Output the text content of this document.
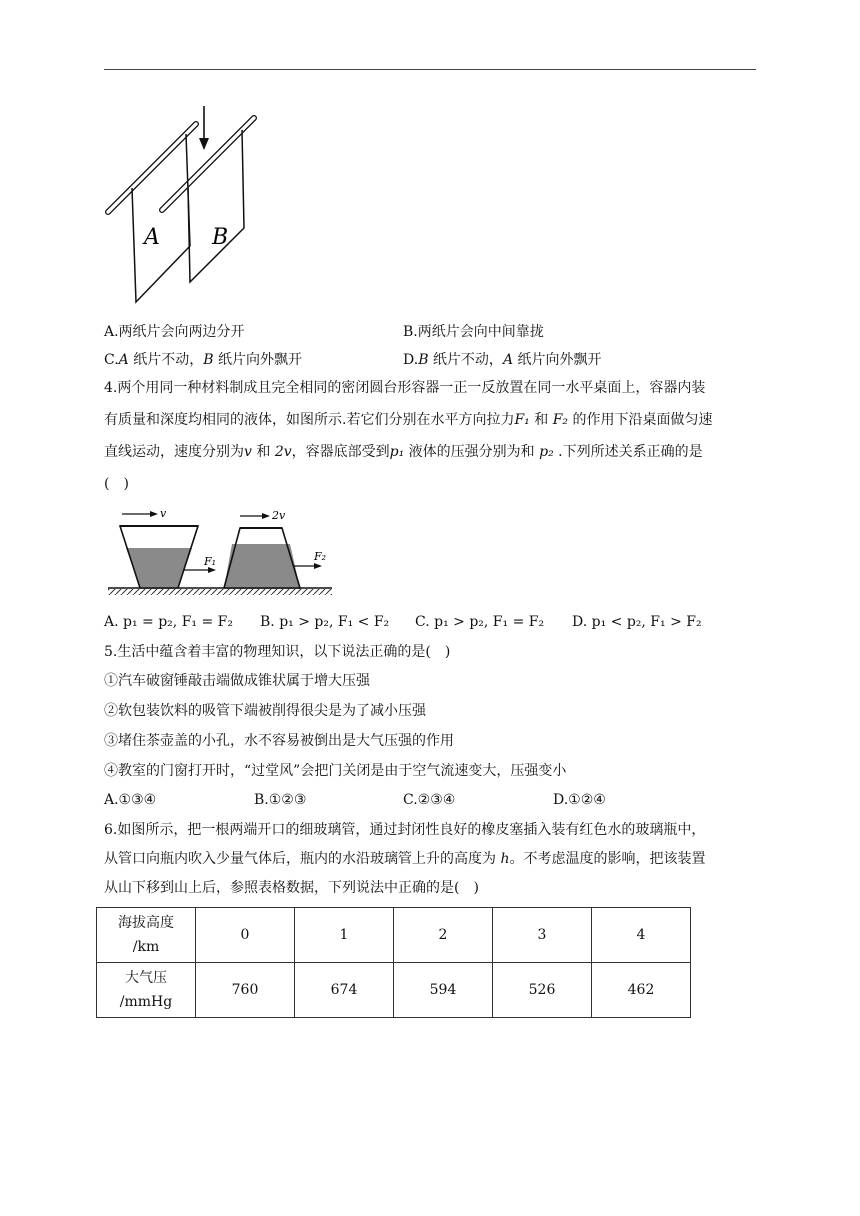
A B
A.两纸片会向两边分开	B.两纸片会向中间靠拢
C.A 纸片不动，B 纸片向外飘开	D.B 纸片不动，A 纸片向外飘开
4.两个用同一种材料制成且完全相同的密闭圆台形容器一正一反放置在同一水平桌面上，容器内装
有质量和深度均相同的液体，如图所示.若它们分别在水平方向拉力F₁ 和 F₂ 的作用下沿桌面做匀速
直线运动，速度分别为v 和 2v，容器底部受到p₁ 液体的压强分别为和 p₂ .下列所述关系正确的是
(　)
v
F₁
2v
F₂
A. p₁ = p₂, F₁ = F₂ B. p₁ > p₂, F₁ < F₂ C. p₁ > p₂, F₁ = F₂ D. p₁ < p₂, F₁ > F₂
5.生活中蕴含着丰富的物理知识，以下说法正确的是(　)
①汽车破窗锤敲击端做成锥状属于增大压强
②软包装饮料的吸管下端被削得很尖是为了减小压强
③堵住茶壶盖的小孔，水不容易被倒出是大气压强的作用
④教室的门窗打开时，“过堂风”会把门关闭是由于空气流速变大，压强变小
A.①③④	B.①②③	C.②③④	D.①②④
6.如图所示，把一根两端开口的细玻璃管，通过封闭性良好的橡皮塞插入装有红色水的玻璃瓶中，
从管口向瓶内吹入少量气体后，瓶内的水沿玻璃管上升的高度为 h。不考虑温度的影响，把该装置
从山下移到山上后，参照表格数据，下列说法中正确的是(　)
海拔高度
/km	0	1	2	3	4

大气压
/mmHg	760	674	594	526	462
